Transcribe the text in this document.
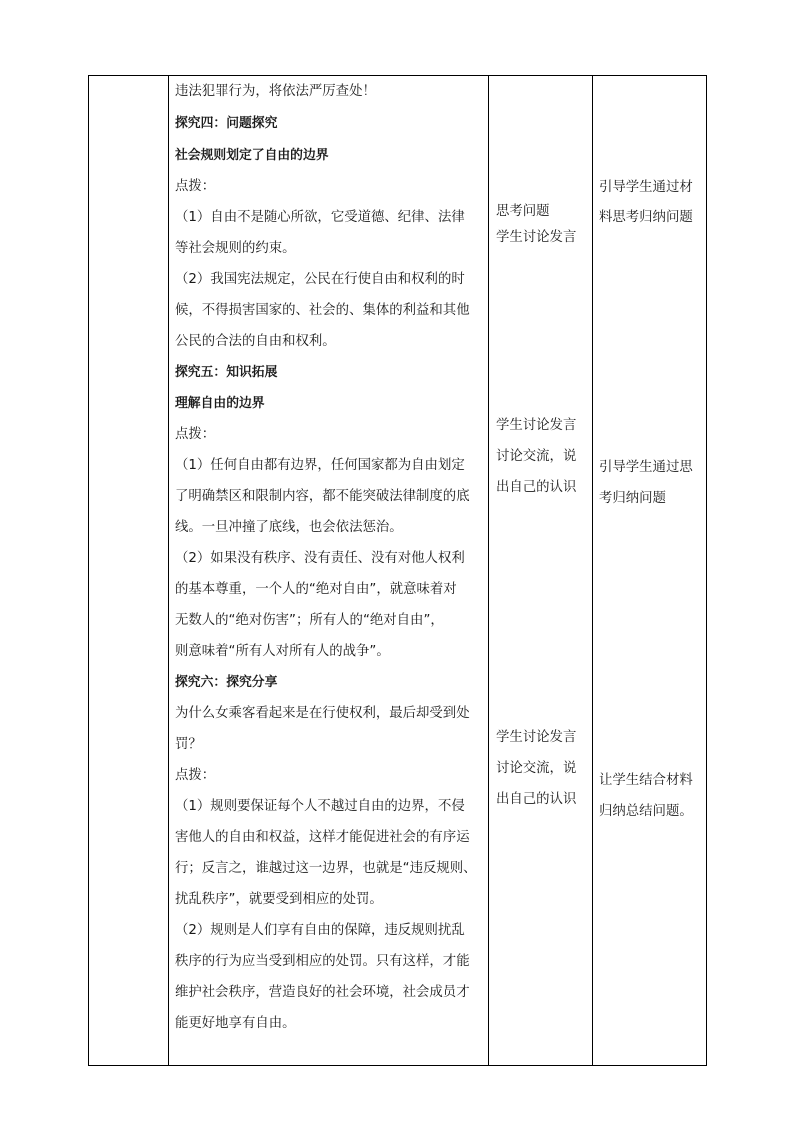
违法犯罪行为，将依法严厉查处！
探究四：问题探究
社会规则划定了自由的边界
点拨：
（1）自由不是随心所欲，它受道德、纪律、法律
等社会规则的约束。
（2）我国宪法规定，公民在行使自由和权利的时
候，不得损害国家的、社会的、集体的利益和其他
公民的合法的自由和权利。
探究五：知识拓展
理解自由的边界
点拨：
（1）任何自由都有边界，任何国家都为自由划定
了明确禁区和限制内容，都不能突破法律制度的底
线。一旦冲撞了底线，也会依法惩治。
（2）如果没有秩序、没有责任、没有对他人权利
的基本尊重，一个人的“绝对自由”，就意味着对
无数人的“绝对伤害”；所有人的“绝对自由”，
则意味着“所有人对所有人的战争”。
探究六：探究分享
为什么女乘客看起来是在行使权利，最后却受到处
罚？
点拨：
（1）规则要保证每个人不越过自由的边界，不侵
害他人的自由和权益，这样才能促进社会的有序运
行；反言之，谁越过这一边界，也就是“违反规则、
扰乱秩序”，就要受到相应的处罚。
（2）规则是人们享有自由的保障，违反规则扰乱
秩序的行为应当受到相应的处罚。只有这样，才能
维护社会秩序，营造良好的社会环境，社会成员才
能更好地享有自由。
思考问题
学生讨论发言
学生讨论发言
讨论交流，说
出自己的认识
学生讨论发言
讨论交流，说
出自己的认识
引导学生通过材
料思考归纳问题
引导学生通过思
考归纳问题
让学生结合材料
归纳总结问题。
